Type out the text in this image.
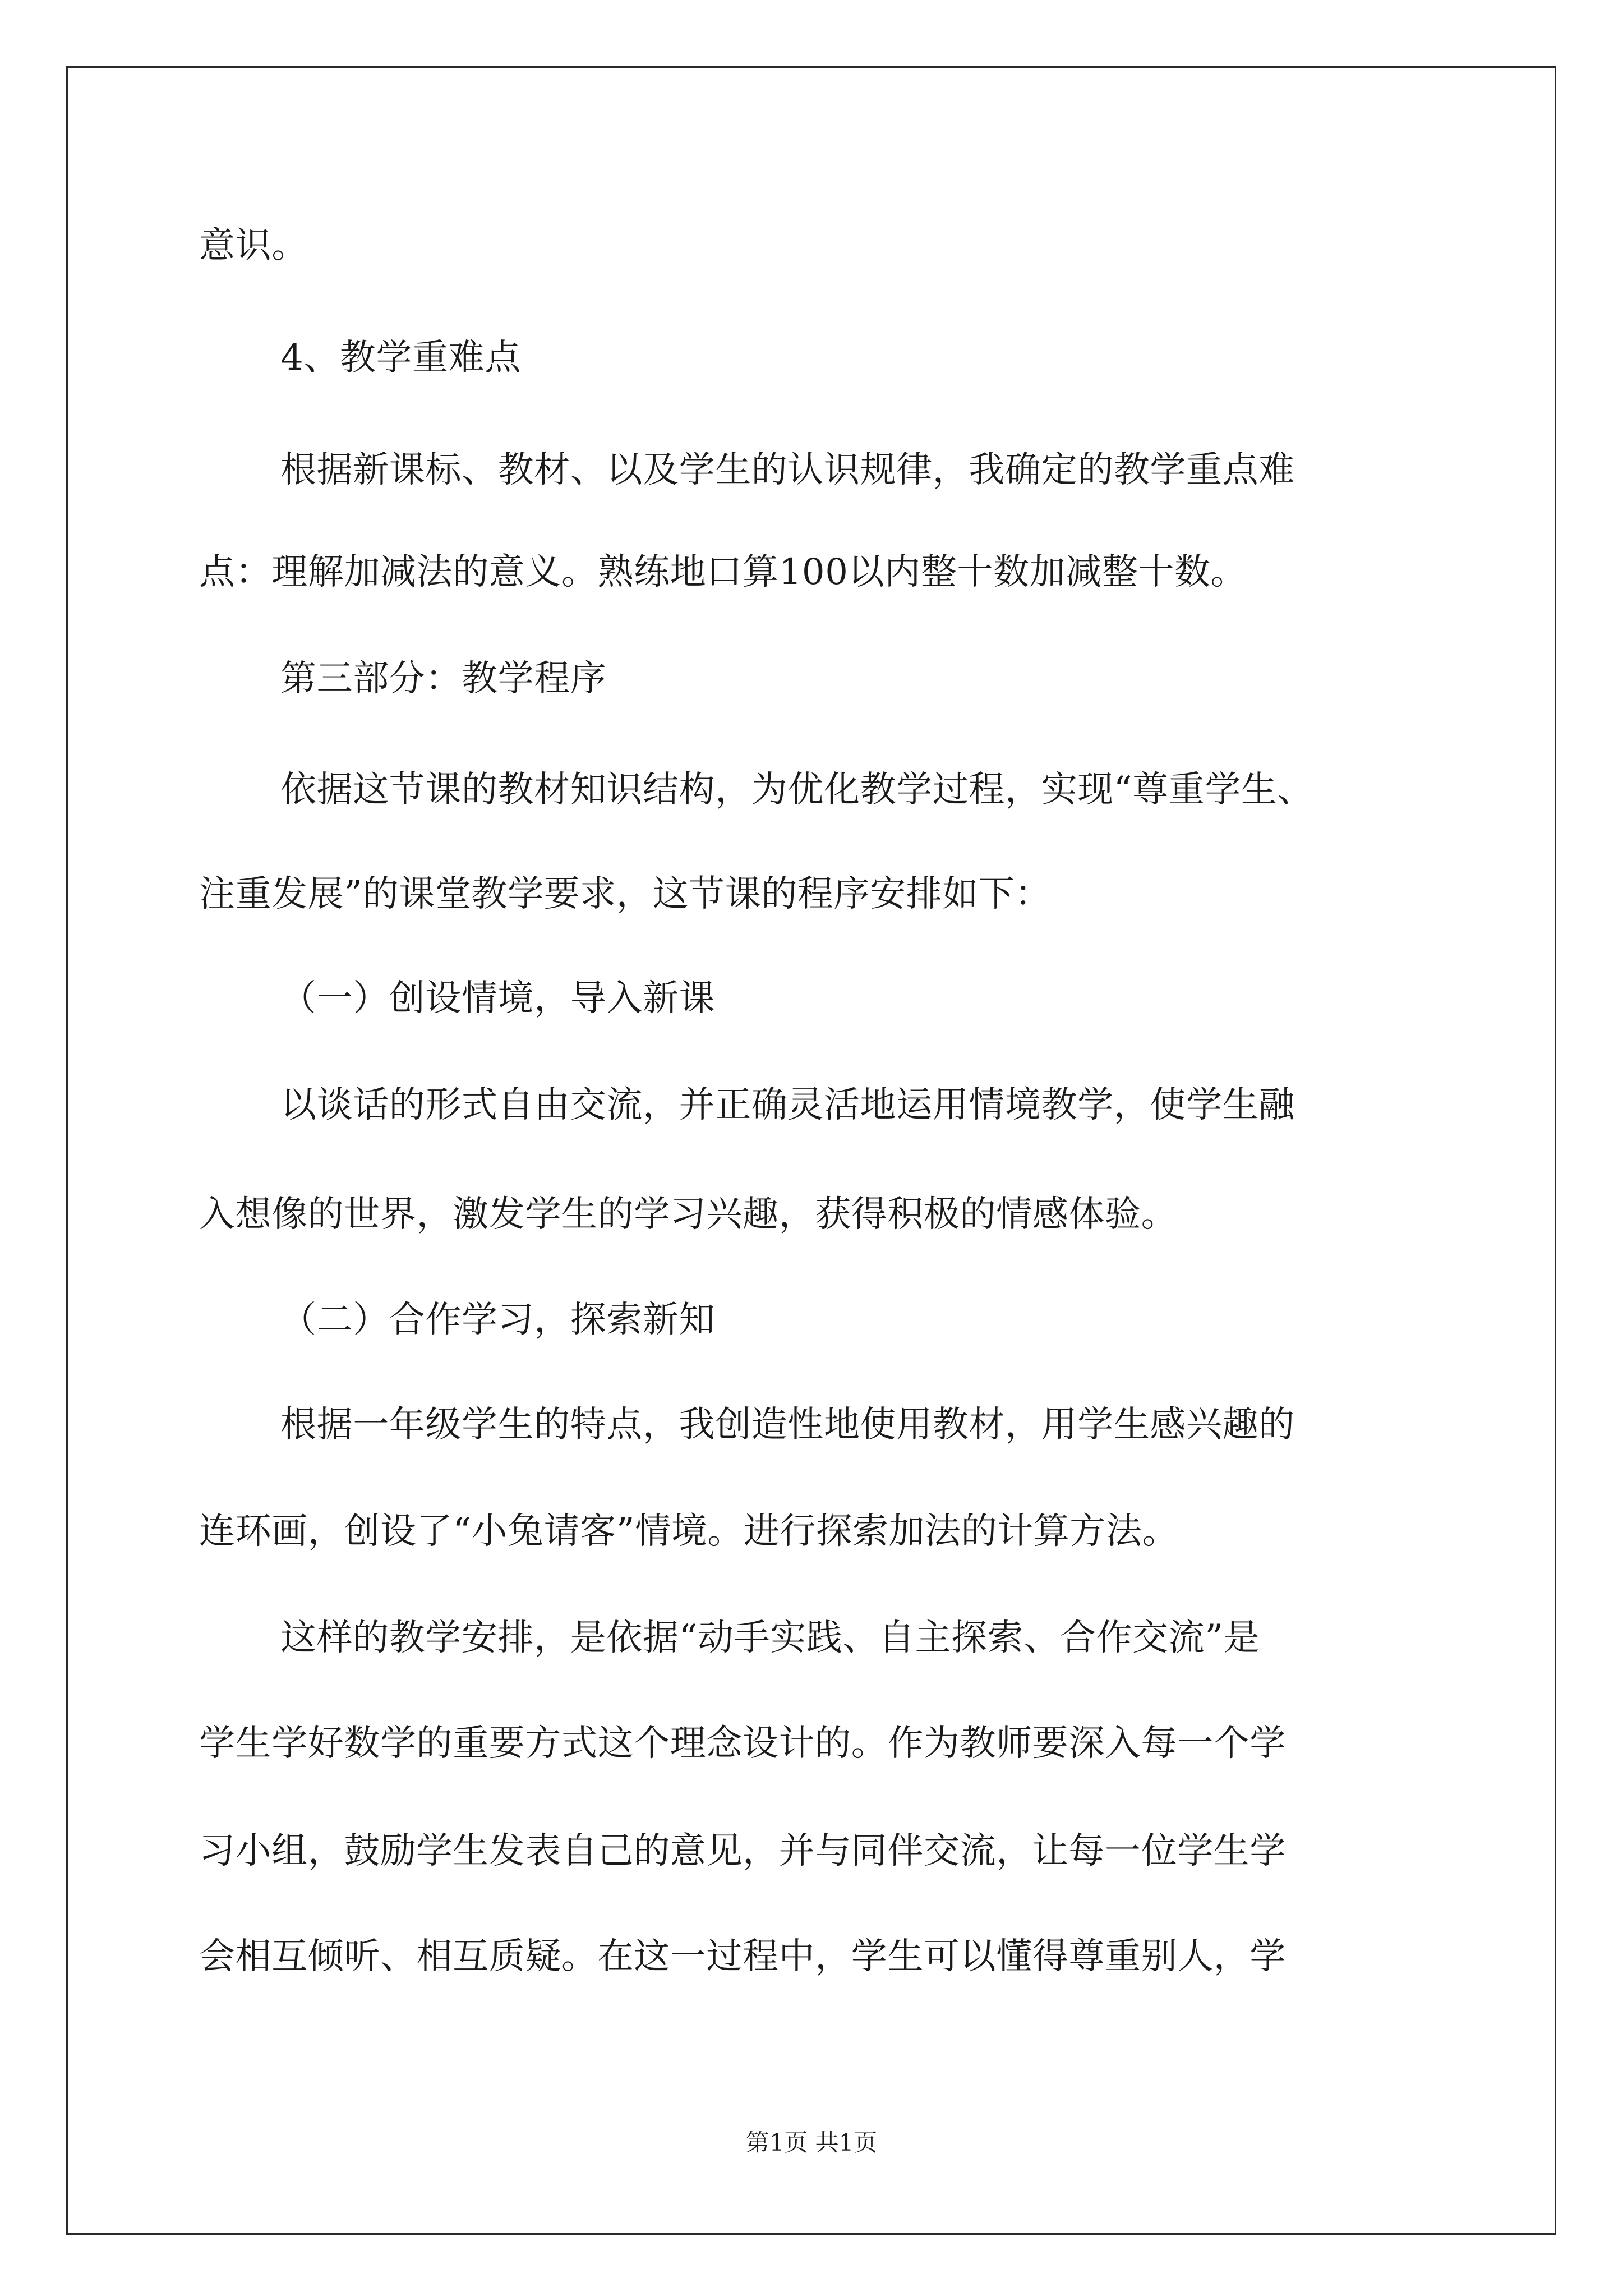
意识。
4、教学重难点
根据新课标、教材、以及学生的认识规律，我确定的教学重点难
点：理解加减法的意义。熟练地口算100以内整十数加减整十数。
第三部分：教学程序
依据这节课的教材知识结构，为优化教学过程，实现“尊重学生、
注重发展”的课堂教学要求，这节课的程序安排如下：
（一）创设情境，导入新课
以谈话的形式自由交流，并正确灵活地运用情境教学，使学生融
入想像的世界，激发学生的学习兴趣，获得积极的情感体验。
（二）合作学习，探索新知
根据一年级学生的特点，我创造性地使用教材，用学生感兴趣的
连环画，创设了“小兔请客”情境。进行探索加法的计算方法。
这样的教学安排，是依据“动手实践、自主探索、合作交流”是
学生学好数学的重要方式这个理念设计的。作为教师要深入每一个学
习小组，鼓励学生发表自己的意见，并与同伴交流，让每一位学生学
会相互倾听、相互质疑。在这一过程中，学生可以懂得尊重别人，学
第1页 共1页
